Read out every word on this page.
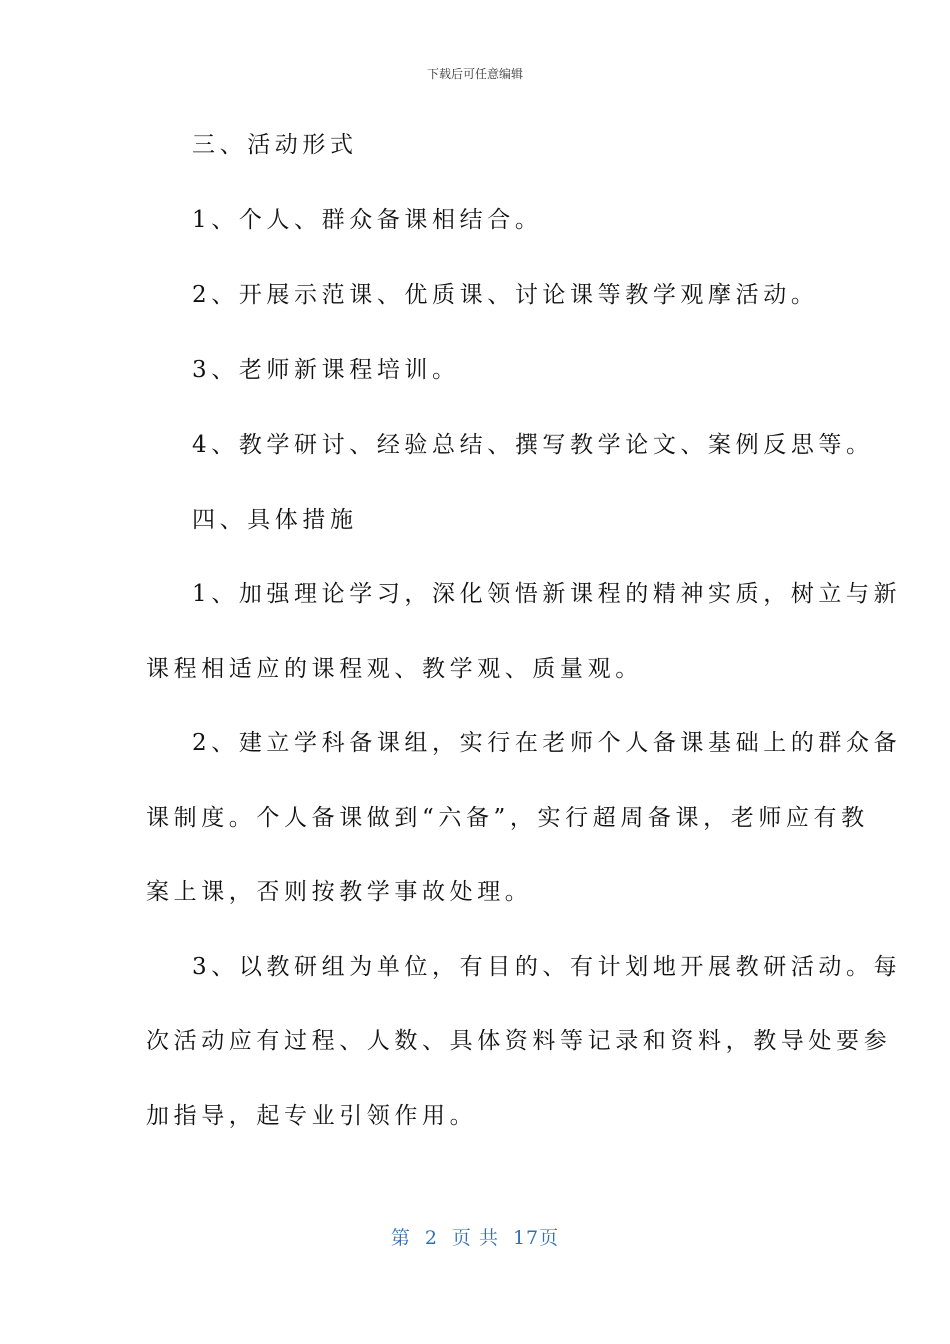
下载后可任意编辑
三、活动形式
1、个人、群众备课相结合。
2、开展示范课、优质课、讨论课等教学观摩活动。
3、老师新课程培训。
4、教学研讨、经验总结、撰写教学论文、案例反思等。
四、具体措施
1、加强理论学习，深化领悟新课程的精神实质，树立与新
课程相适应的课程观、教学观、质量观。
2、建立学科备课组，实行在老师个人备课基础上的群众备
课制度。个人备课做到“六备”，实行超周备课，老师应有教
案上课，否则按教学事故处理。
3、以教研组为单位，有目的、有计划地开展教研活动。每
次活动应有过程、人数、具体资料等记录和资料，教导处要参
加指导，起专业引领作用。
第 2 页 共 17页
